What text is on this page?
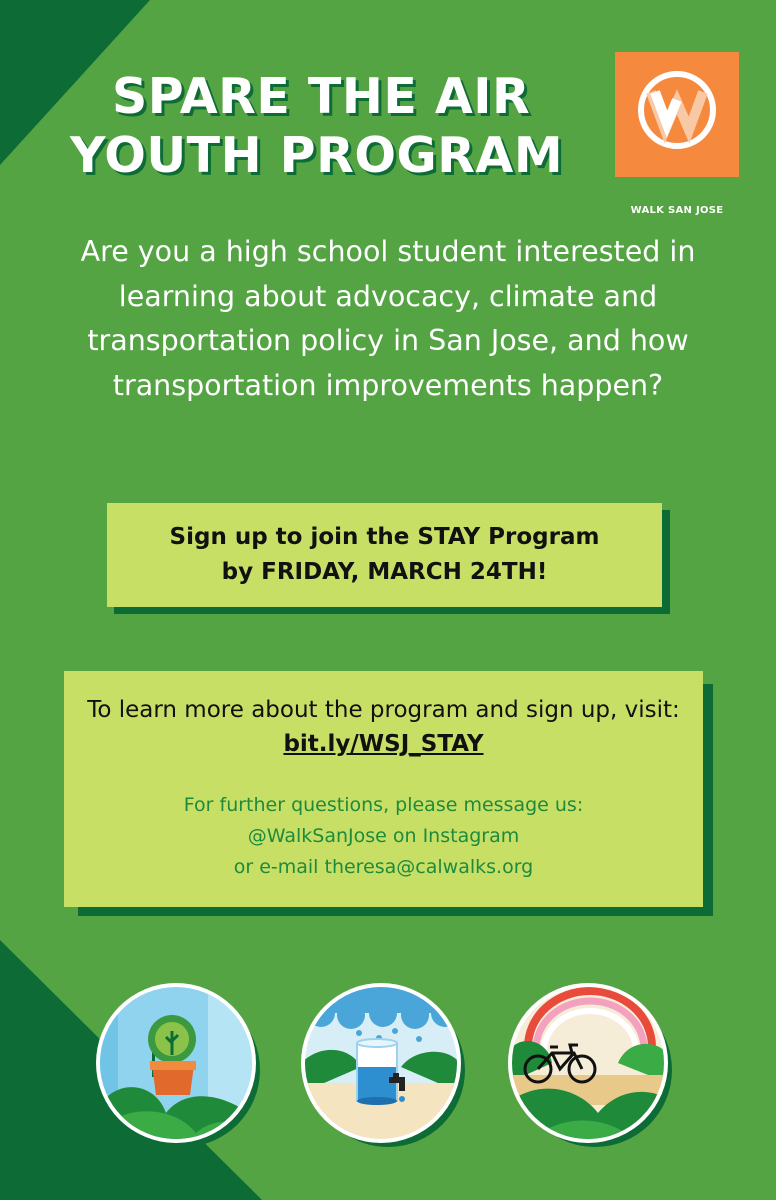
SPARE THE AIR
YOUTH PROGRAM
WALK SAN JOSE

Are you a high school student interested in learning about advocacy, climate and transportation policy in San Jose, and how transportation improvements happen?

Sign up to join the STAY Program
by FRIDAY, MARCH 24TH!

To learn more about the program and sign up, visit: bit.ly/WSJ_STAY

For further questions, please message us:
@WalkSanJose on Instagram
or e-mail theresa@calwalks.org
